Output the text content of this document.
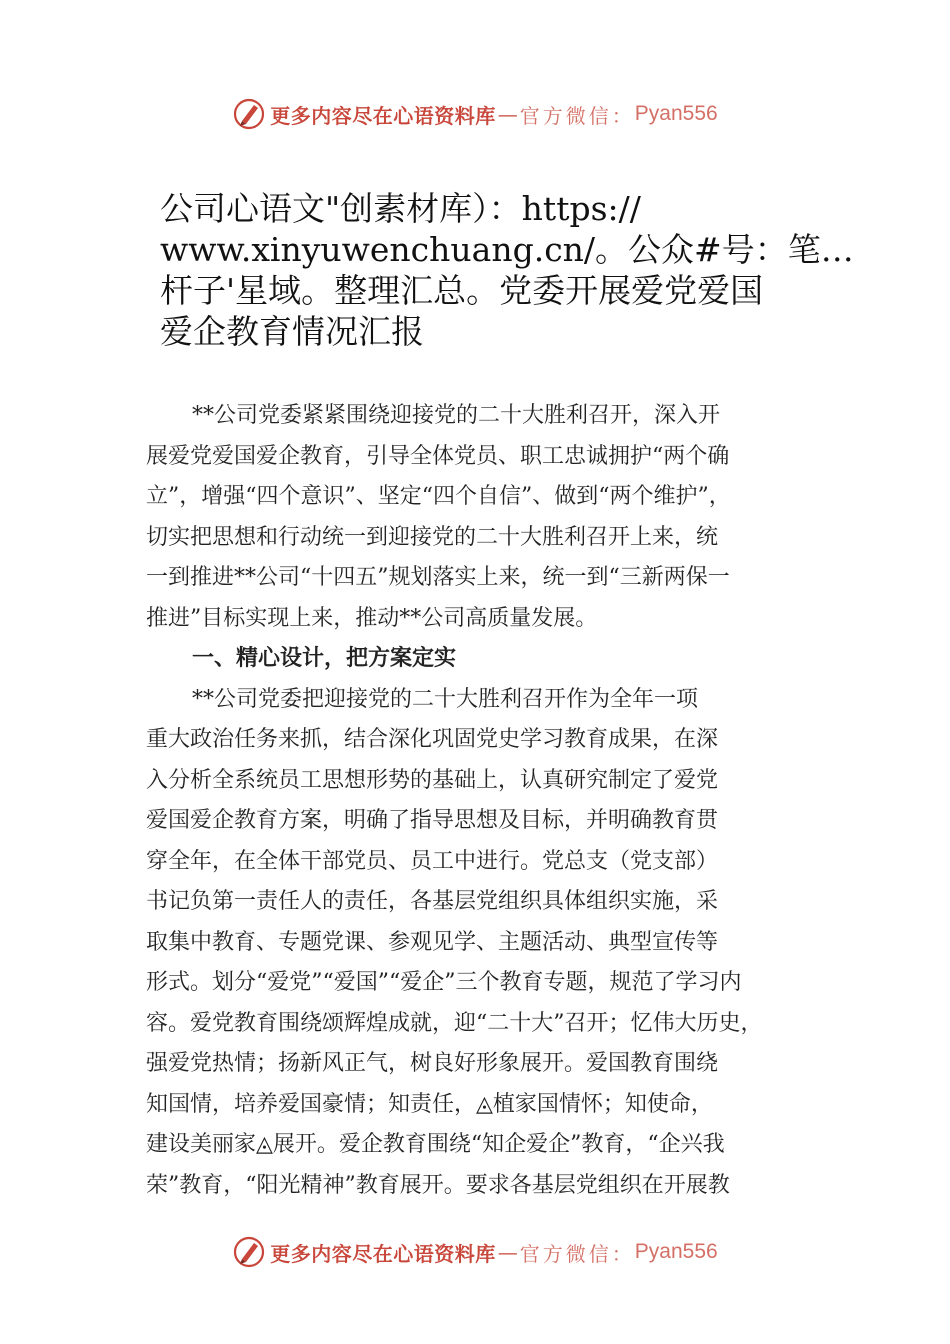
更多内容尽在心语资料库 — 官方微信： Pyan556
公司心语文"创素材库）：https://
www.xinyuwenchuang.cn/。公众#号：笔…
杆子'星域。整理汇总。党委开展爱党爱国
爱企教育情况汇报
**公司党委紧紧围绕迎接党的二十大胜利召开，深入开
展爱党爱国爱企教育，引导全体党员、职工忠诚拥护“两个确
立”，增强“四个意识”、坚定“四个自信”、做到“两个维护”，
切实把思想和行动统一到迎接党的二十大胜利召开上来，统
一到推进**公司“十四五”规划落实上来，统一到“三新两保一
推进”目标实现上来，推动**公司高质量发展。
一、精心设计，把方案定实
**公司党委把迎接党的二十大胜利召开作为全年一项
重大政治任务来抓，结合深化巩固党史学习教育成果，在深
入分析全系统员工思想形势的基础上，认真研究制定了爱党
爱国爱企教育方案，明确了指导思想及目标，并明确教育贯
穿全年，在全体干部党员、员工中进行。党总支（党支部）
书记负第一责任人的责任，各基层党组织具体组织实施，采
取集中教育、专题党课、参观见学、主题活动、典型宣传等
形式。划分“爱党”“爱国”“爱企”三个教育专题，规范了学习内
容。爱党教育围绕颂辉煌成就，迎“二十大”召开；忆伟大历史，
强爱党热情；扬新风正气，树良好形象展开。爱国教育围绕
知国情，培养爱国豪情；知责任，◬植家国情怀；知使命，
建设美丽家◬展开。爱企教育围绕“知企爱企”教育，“企兴我
荣”教育，“阳光精神”教育展开。要求各基层党组织在开展教
更多内容尽在心语资料库 — 官方微信： Pyan556
